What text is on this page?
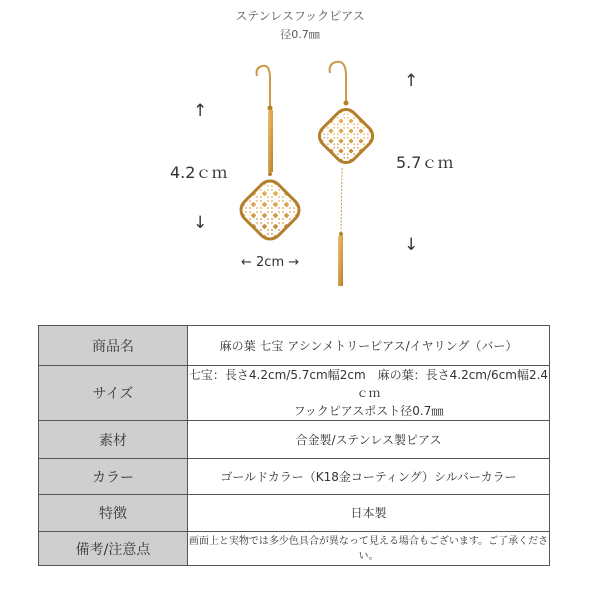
ステンレスフックピアス
径0.7㎜
↑
4.2ｃｍ
↓
← 2cm →
↑
5.7ｃｍ
↓
商品名	麻の葉 七宝 アシンメトリーピアス/イヤリング（バー）
サイズ	七宝：長さ4.2cm/5.7cm幅2cm　麻の葉：長さ4.2cm/6cm幅2.4ｃｍ
フックピアスポスト径0.7㎜

素材	合金製/ステンレス製ピアス
カラー	ゴールドカラー（K18金コーティング）シルバーカラー
特徴	日本製
備考/注意点	画面上と実物では多少色具合が異なって見える場合もございます。ご了承ください。
